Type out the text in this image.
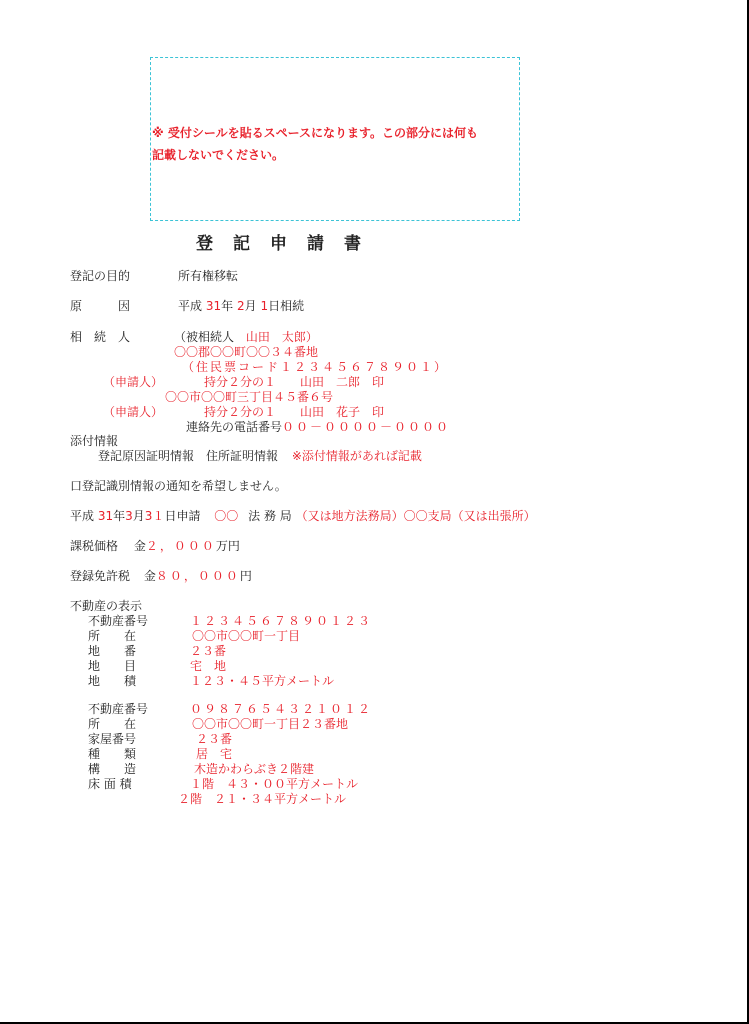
※ 受付シールを貼るスペースになります。この部分には何も
記載しないでください。
登記申請書
登記の目的	所有権移転
原　　　因	平成 31年 2月 1日相続
相　続　人	（被相続人 山田　太郎）
〇〇郡〇〇町〇〇３４番地
（住民票コード１２３４５６７８９０１）
（申請人）	持分２分の１　　山田　二郎　印
〇〇市〇〇町三丁目４５番６号
（申請人）	持分２分の１　　山田　花子　印
連絡先の電話番号００－００００－００００
添付情報
登記原因証明情報　住所証明情報 ※添付情報があれば記載
口登記識別情報の通知を希望しません。
平成 31年3月3１日申請 〇〇 法 務 局 （又は地方法務局）〇〇支局（又は出張所）
課税価格 金２，０００万円
登録免許税 金８０，０００円
不動産の表示
不動産番号	１２３４５６７８９０１２３
所　　在	〇〇市〇〇町一丁目
地　　番	２３番
地　　目	宅　地
地　　積	１２３・４５平方メートル
不動産番号	０９８７６５４３２１０１２
所　　在	〇〇市〇〇町一丁目２３番地
家屋番号	２３番
種　　類	居　宅
構　　造	木造かわらぶき２階建
床 面 積	１階　４３・００平方メートル
２階　２１・３４平方メートル
